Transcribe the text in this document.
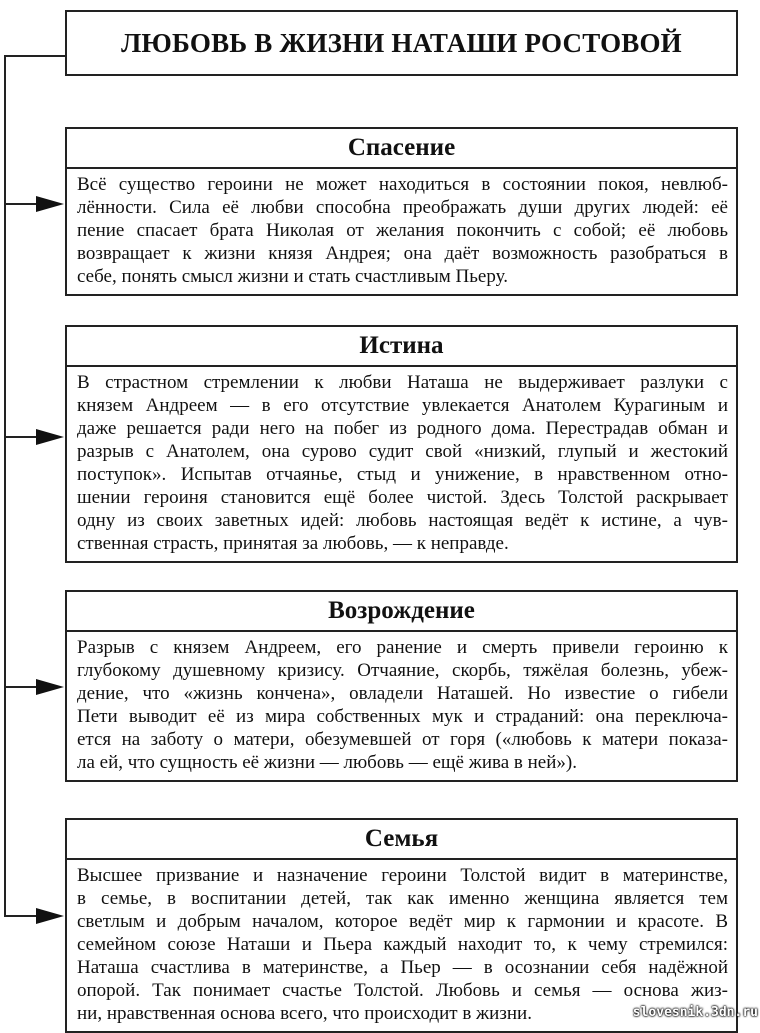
ЛЮБОВЬ В ЖИЗНИ НАТАШИ РОСТОВОЙ
Спасение
Всё существо героини не может находиться в состоянии покоя, невлюб-
лённости. Сила её любви способна преображать души других людей: её
пение спасает брата Николая от желания покончить с собой; её любовь
возвращает к жизни князя Андрея; она даёт возможность разобраться в
себе, понять смысл жизни и стать счастливым Пьеру.
Истина
В страстном стремлении к любви Наташа не выдерживает разлуки с
князем Андреем — в его отсутствие увлекается Анатолем Курагиным и
даже решается ради него на побег из родного дома. Перестрадав обман и
разрыв с Анатолем, она сурово судит свой «низкий, глупый и жестокий
поступок». Испытав отчаянье, стыд и унижение, в нравственном отно-
шении героиня становится ещё более чистой. Здесь Толстой раскрывает
одну из своих заветных идей: любовь настоящая ведёт к истине, а чув-
ственная страсть, принятая за любовь, — к неправде.
Возрождение
Разрыв с князем Андреем, его ранение и смерть привели героиню к
глубокому душевному кризису. Отчаяние, скорбь, тяжёлая болезнь, убеж-
дение, что «жизнь кончена», овладели Наташей. Но известие о гибели
Пети выводит её из мира собственных мук и страданий: она переключа-
ется на заботу о матери, обезумевшей от горя («любовь к матери показа-
ла ей, что сущность её жизни — любовь — ещё жива в ней»).
Семья
Высшее призвание и назначение героини Толстой видит в материнстве,
в семье, в воспитании детей, так как именно женщина является тем
светлым и добрым началом, которое ведёт мир к гармонии и красоте. В
семейном союзе Наташи и Пьера каждый находит то, к чему стремился:
Наташа счастлива в материнстве, а Пьер — в осознании себя надёжной
опорой. Так понимает счастье Толстой. Любовь и семья — основа жиз-
ни, нравственная основа всего, что происходит в жизни.	slovesnik.3dn.ru
